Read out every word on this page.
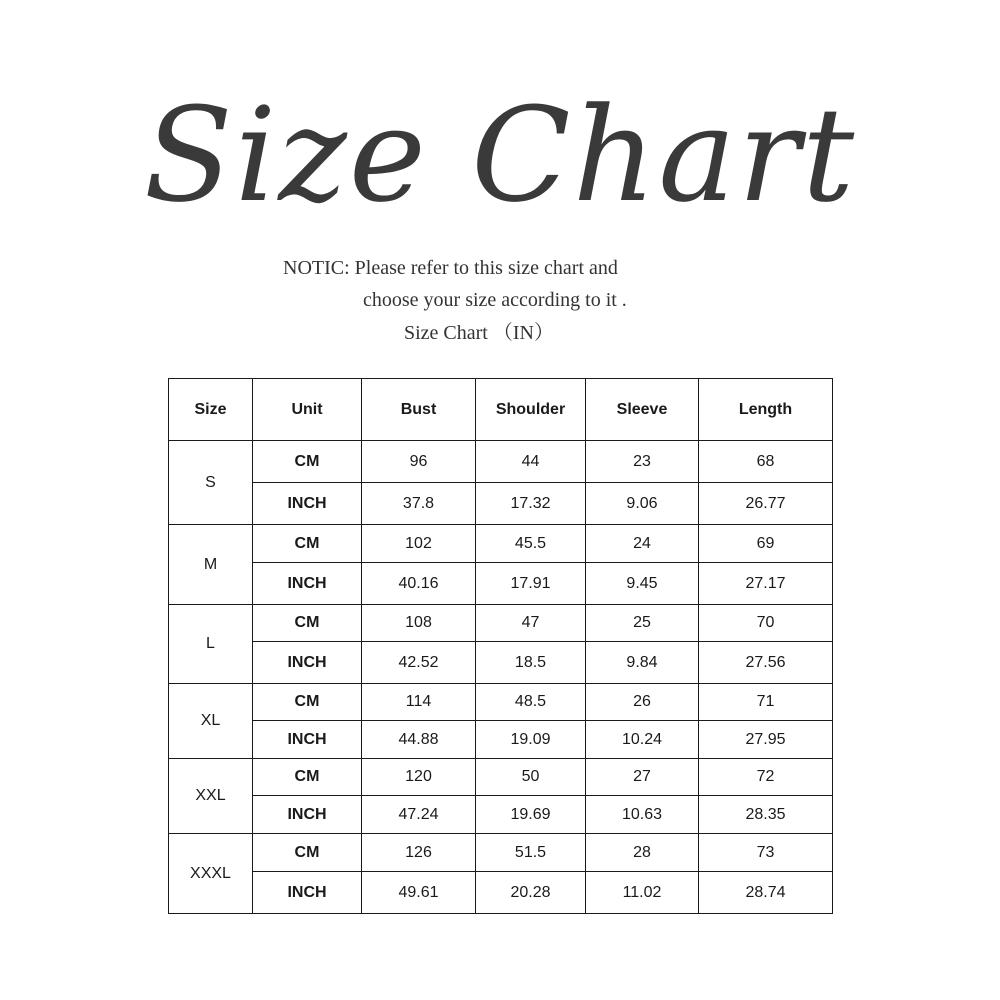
Size Chart
NOTIC: Please refer to this size chart and
choose your size according to it .
Size Chart （IN）
Size	Unit	Bust	Shoulder	Sleeve	Length
S	CM	96	44	23	68
	INCH	37.8	17.32	9.06	26.77
M	CM	102	45.5	24	69
	INCH	40.16	17.91	9.45	27.17
L	CM	108	47	25	70
	INCH	42.52	18.5	9.84	27.56
XL	CM	114	48.5	26	71
	INCH	44.88	19.09	10.24	27.95
XXL	CM	120	50	27	72
	INCH	47.24	19.69	10.63	28.35
XXXL	CM	126	51.5	28	73
	INCH	49.61	20.28	11.02	28.74
